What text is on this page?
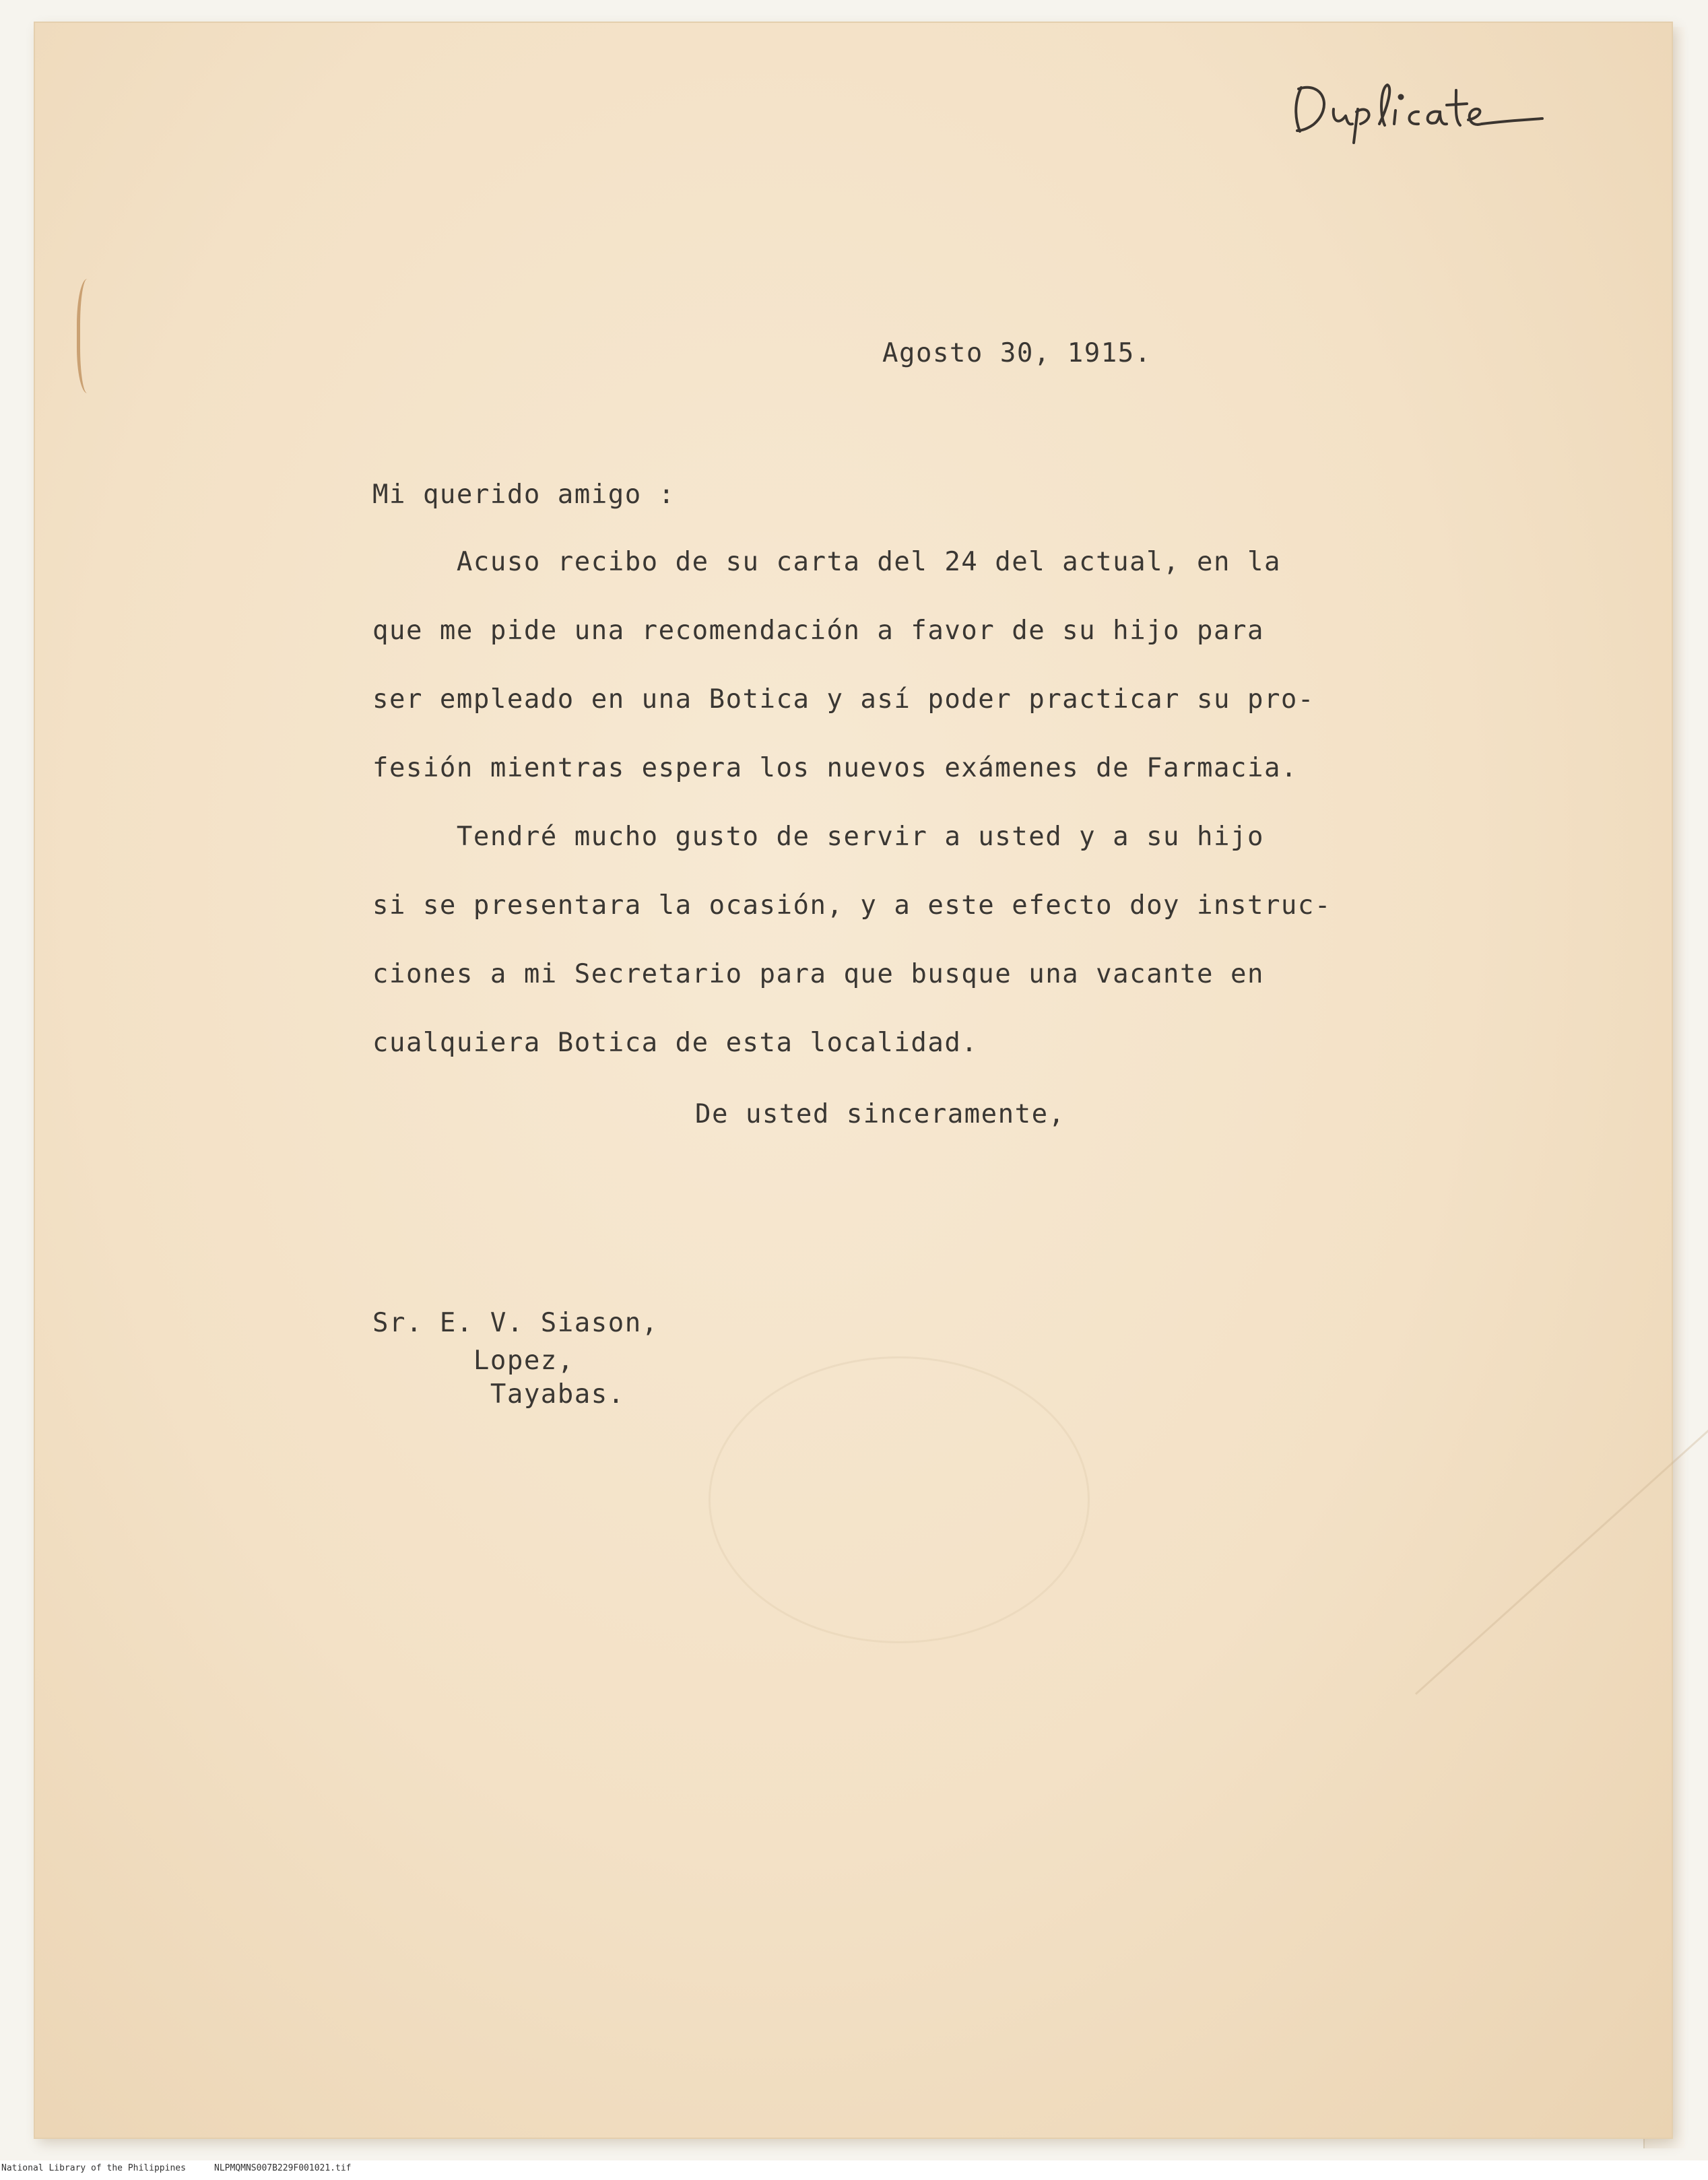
Agosto 30, 1915.

Mi querido amigo :

Acuso recibo de su carta del 24 del actual, en la

que me pide una recomendación a favor de su hijo para

ser empleado en una Botica y así poder practicar su pro-

fesión mientras espera los nuevos exámenes de Farmacia.

Tendré mucho gusto de servir a usted y a su hijo

si se presentara la ocasión, y a este efecto doy instruc-

ciones a mi Secretario para que busque una vacante en

cualquiera Botica de esta localidad.

De usted sinceramente,

Sr. E. V. Siason,

Lopez,

Tayabas.

National Library of the Philippines	NLPMQMNS007B229F001021.tif
